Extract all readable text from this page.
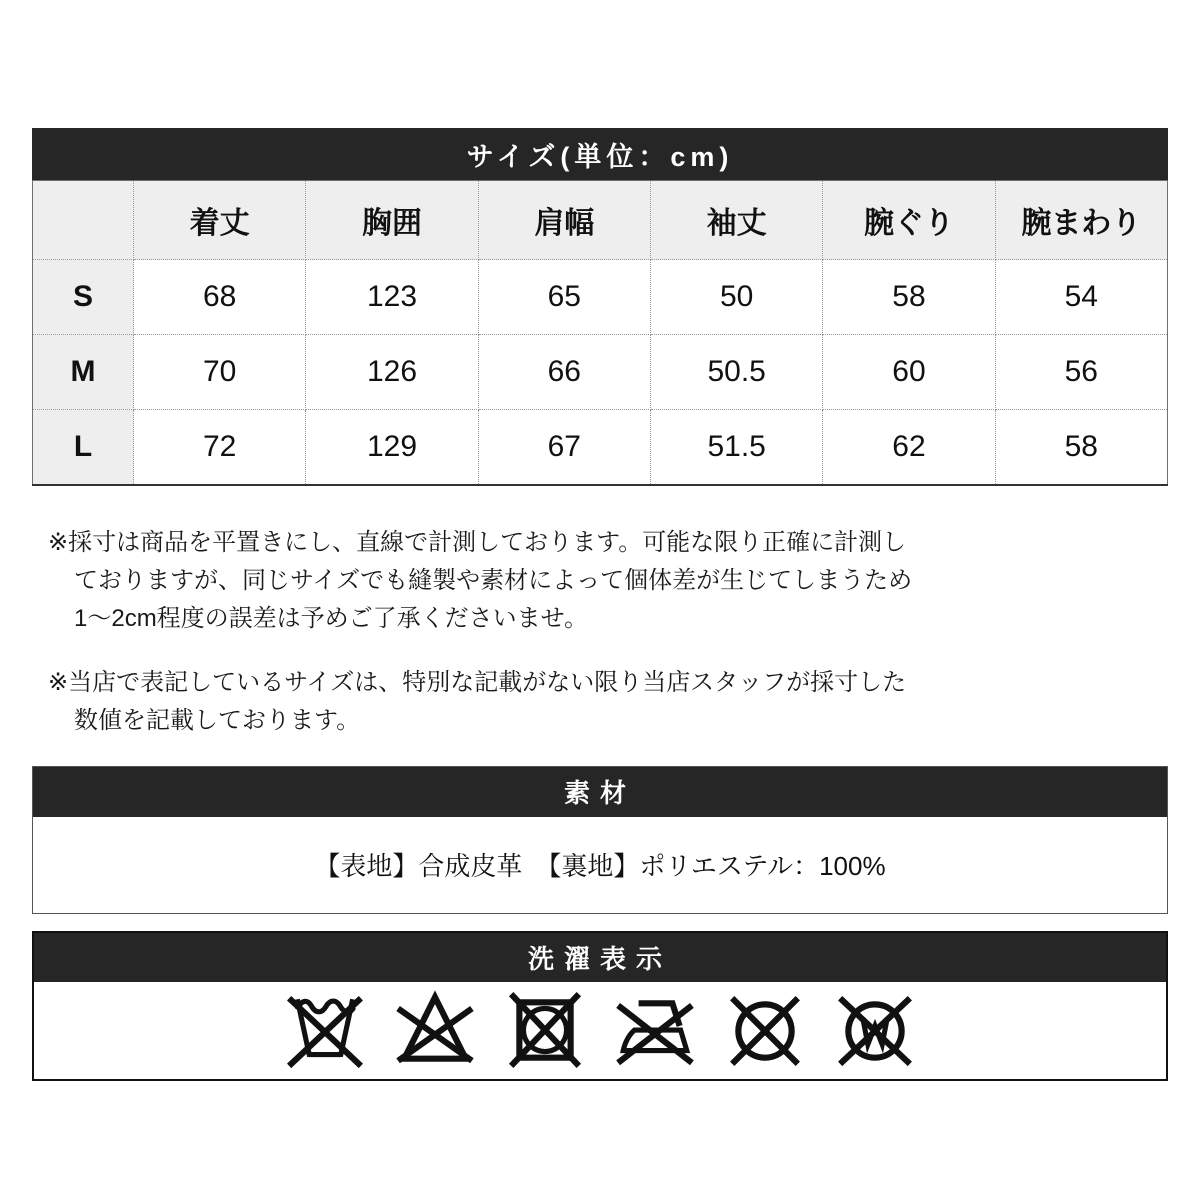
サイズ(単位：cm)
	着丈	胸囲	肩幅	袖丈	腕ぐり	腕まわり
S	68	123	65	50	58	54
M	70	126	66	50.5	60	56
L	72	129	67	51.5	62	58
※採寸は商品を平置きにし、直線で計測しております。可能な限り正確に計測し
ておりますが、同じサイズでも縫製や素材によって個体差が生じてしまうため
1〜2cm程度の誤差は予めご了承くださいませ。
※当店で表記しているサイズは、特別な記載がない限り当店スタッフが採寸した
数値を記載しております。
素材
【表地】合成皮革　【裏地】ポリエステル：100%
洗濯表示
